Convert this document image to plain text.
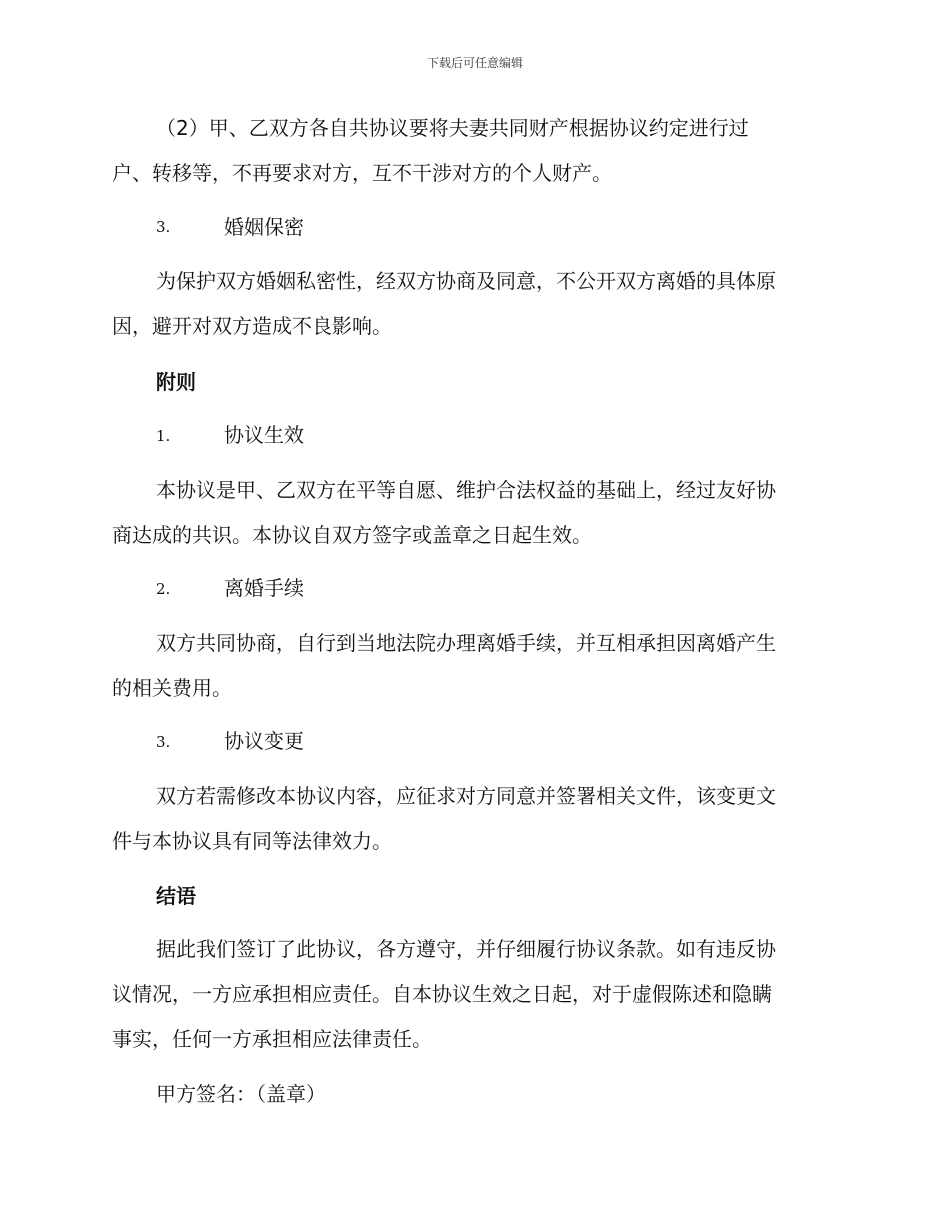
下载后可任意编辑
（2）甲、乙双方各自共协议要将夫妻共同财产根据协议约定进行过
户、转移等，不再要求对方，互不干涉对方的个人财产。
3.	婚姻保密
为保护双方婚姻私密性，经双方协商及同意，不公开双方离婚的具体原
因，避开对双方造成不良影响。
附则
1.	协议生效
本协议是甲、乙双方在平等自愿、维护合法权益的基础上，经过友好协
商达成的共识。本协议自双方签字或盖章之日起生效。
2.	离婚手续
双方共同协商，自行到当地法院办理离婚手续，并互相承担因离婚产生
的相关费用。
3.	协议变更
双方若需修改本协议内容，应征求对方同意并签署相关文件，该变更文
件与本协议具有同等法律效力。
结语
据此我们签订了此协议，各方遵守，并仔细履行协议条款。如有违反协
议情况，一方应承担相应责任。自本协议生效之日起，对于虚假陈述和隐瞒
事实，任何一方承担相应法律责任。
甲方签名：（盖章）
